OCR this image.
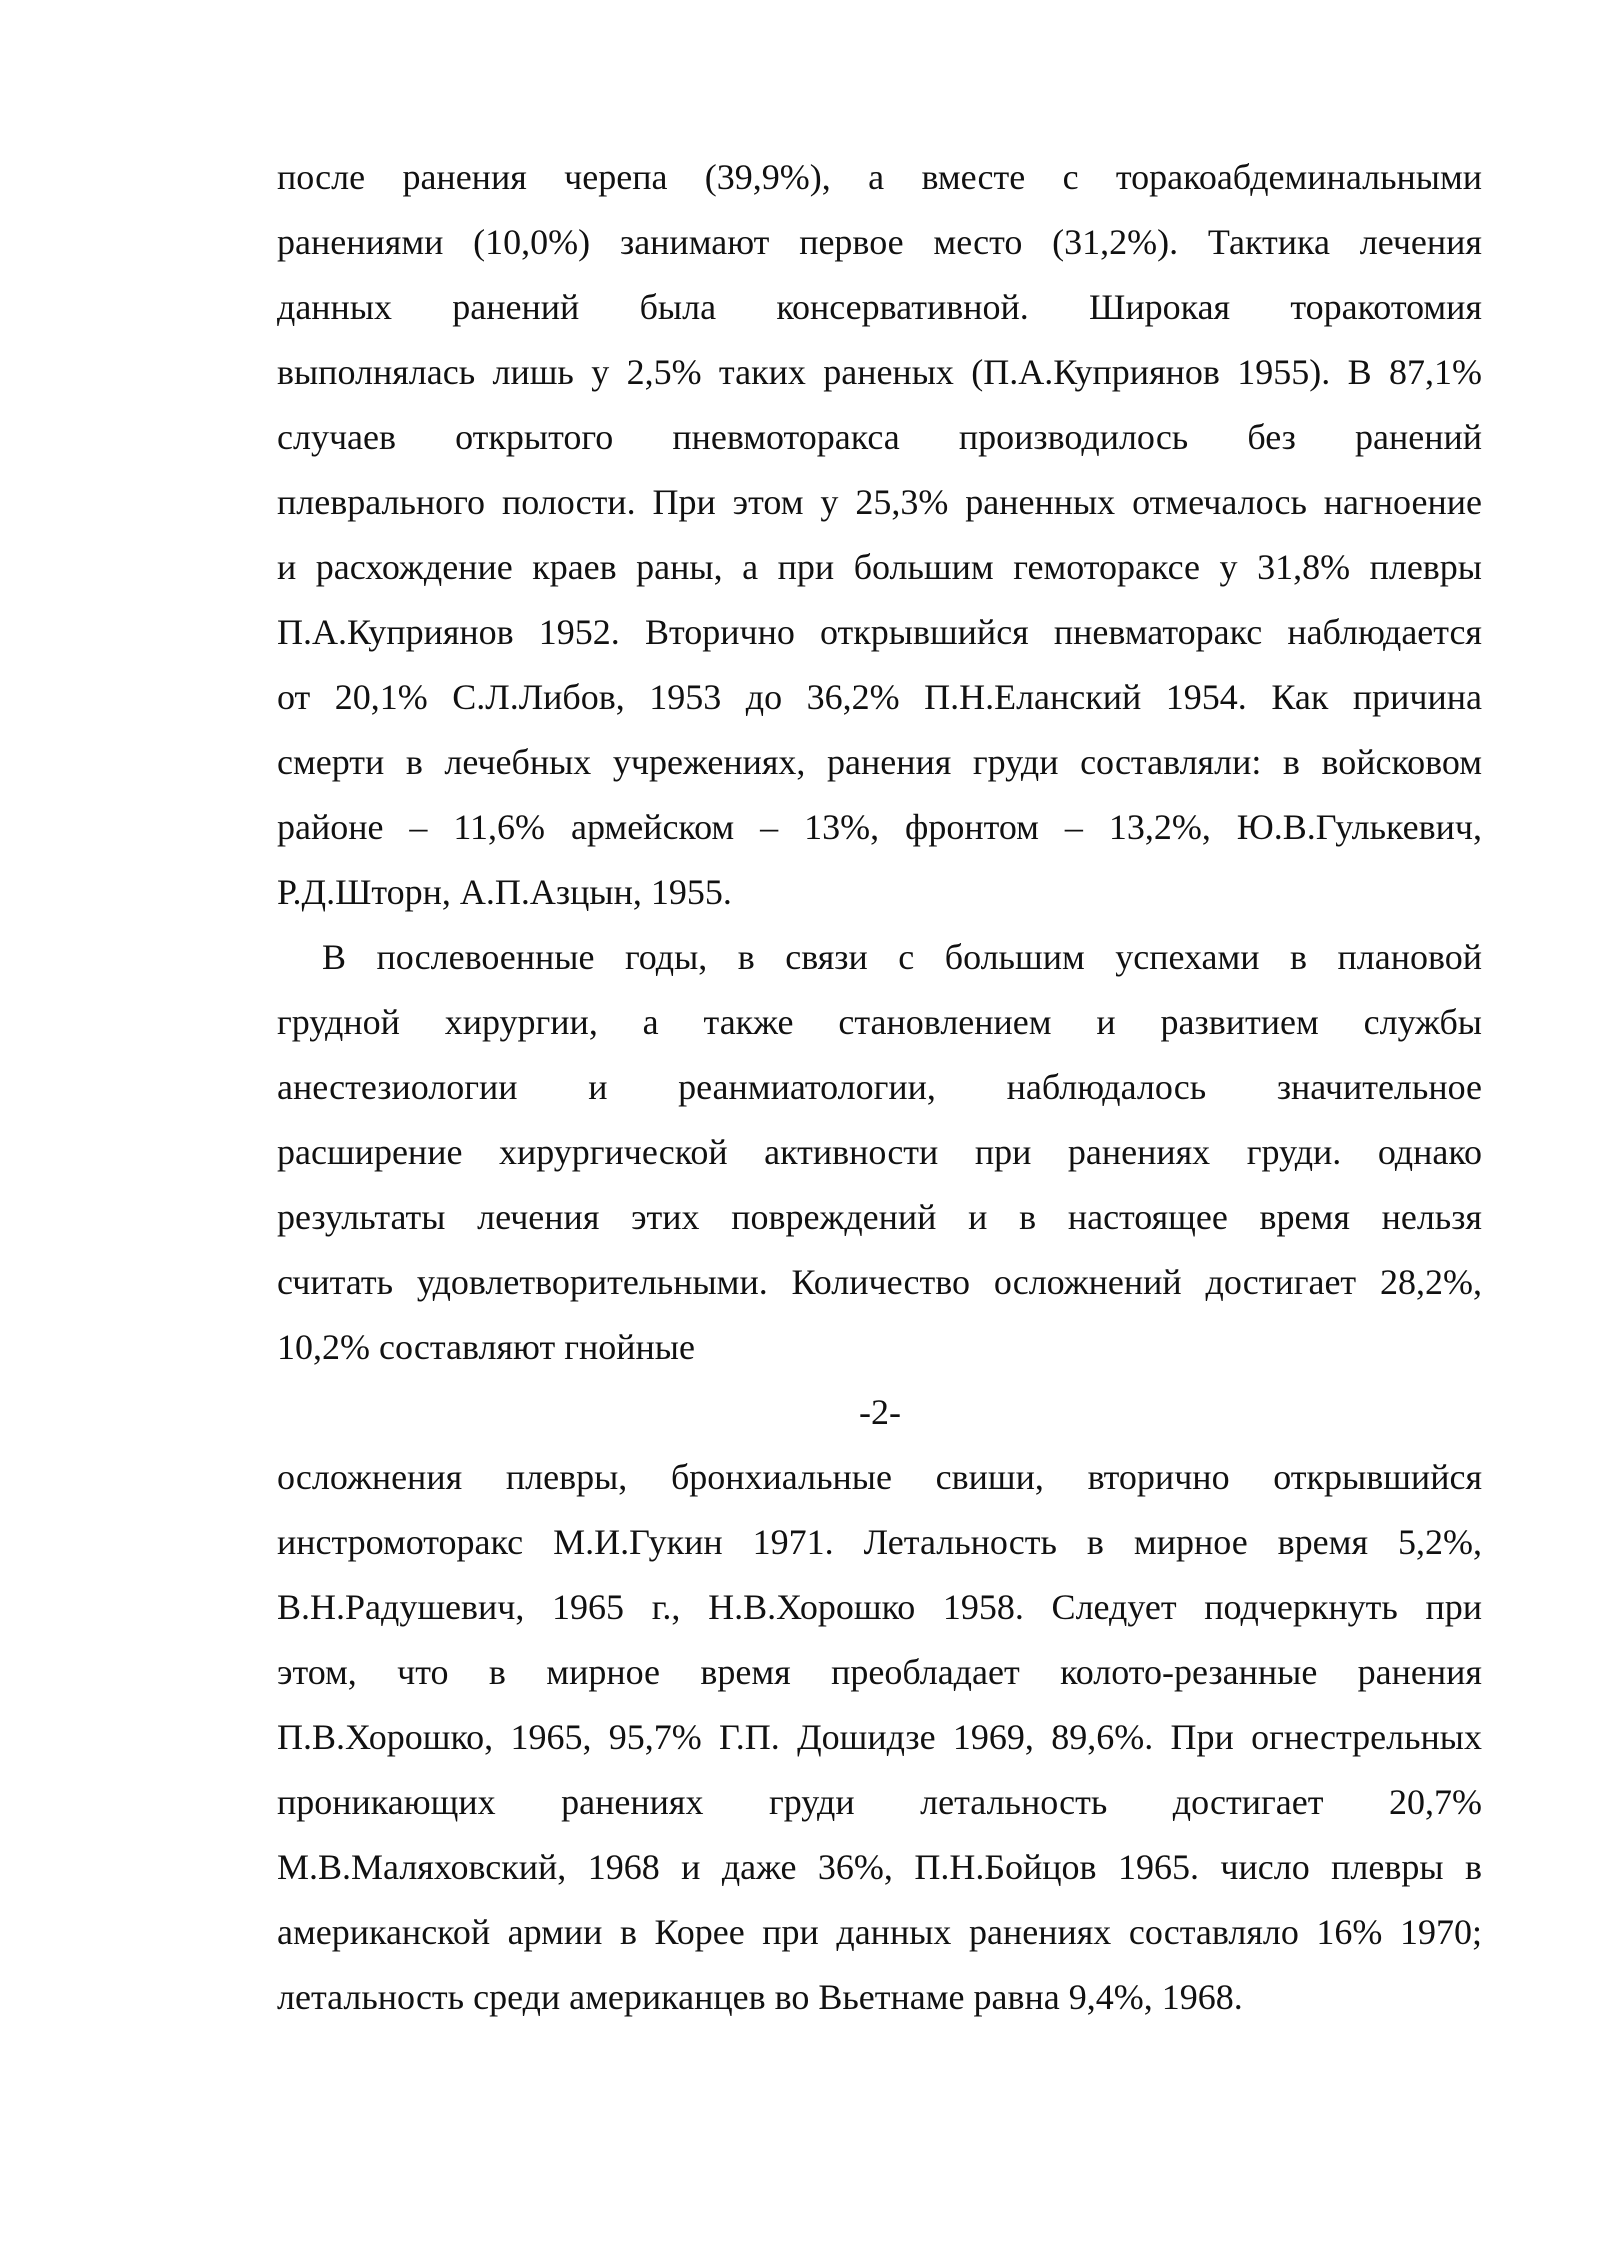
после ранения черепа (39,9%), а вместе с торакоабдеминальными
ранениями (10,0%) занимают первое место (31,2%). Тактика лечения
данных ранений была консервативной. Широкая торакотомия
выполнялась лишь у 2,5% таких раненых (П.А.Куприянов 1955). В 87,1%
случаев открытого пневмоторакса производилось без ранений
плеврального полости. При этом у 25,3% раненных отмечалось нагноение
и расхождение краев раны, а при большим гемотораксе у 31,8% плевры
П.А.Куприянов 1952. Вторично открывшийся пневматоракс наблюдается
от 20,1% С.Л.Либов, 1953 до 36,2% П.Н.Еланский 1954. Как причина
смерти в лечебных учрежениях, ранения груди составляли: в войсковом
районе – 11,6% армейском – 13%, фронтом – 13,2%, Ю.В.Гулькевич,
Р.Д.Шторн, А.П.Азцын, 1955.
В послевоенные годы, в связи с большим успехами в плановой
грудной хирургии, а также становлением и развитием службы
анестезиологии и реанмиатологии, наблюдалось значительное
расширение хирургической активности при ранениях груди. однако
результаты лечения этих повреждений и в настоящее время нельзя
считать удовлетворительными. Количество осложнений достигает 28,2%,
10,2% составляют гнойные
-2-
осложнения плевры, бронхиальные свиши, вторично открывшийся
инстромоторакс М.И.Гукин 1971. Летальность в мирное время 5,2%,
В.Н.Радушевич, 1965 г., Н.В.Хорошко 1958. Следует подчеркнуть при
этом, что в мирное время преобладает колото-резанные ранения
П.В.Хорошко, 1965, 95,7% Г.П. Дошидзе 1969, 89,6%. При огнестрельных
проникающих ранениях груди летальность достигает 20,7%
М.В.Маляховский, 1968 и даже 36%, П.Н.Бойцов 1965. число плевры в
американской армии в Корее при данных ранениях составляло 16% 1970;
летальность среди американцев во Вьетнаме равна 9,4%, 1968.
